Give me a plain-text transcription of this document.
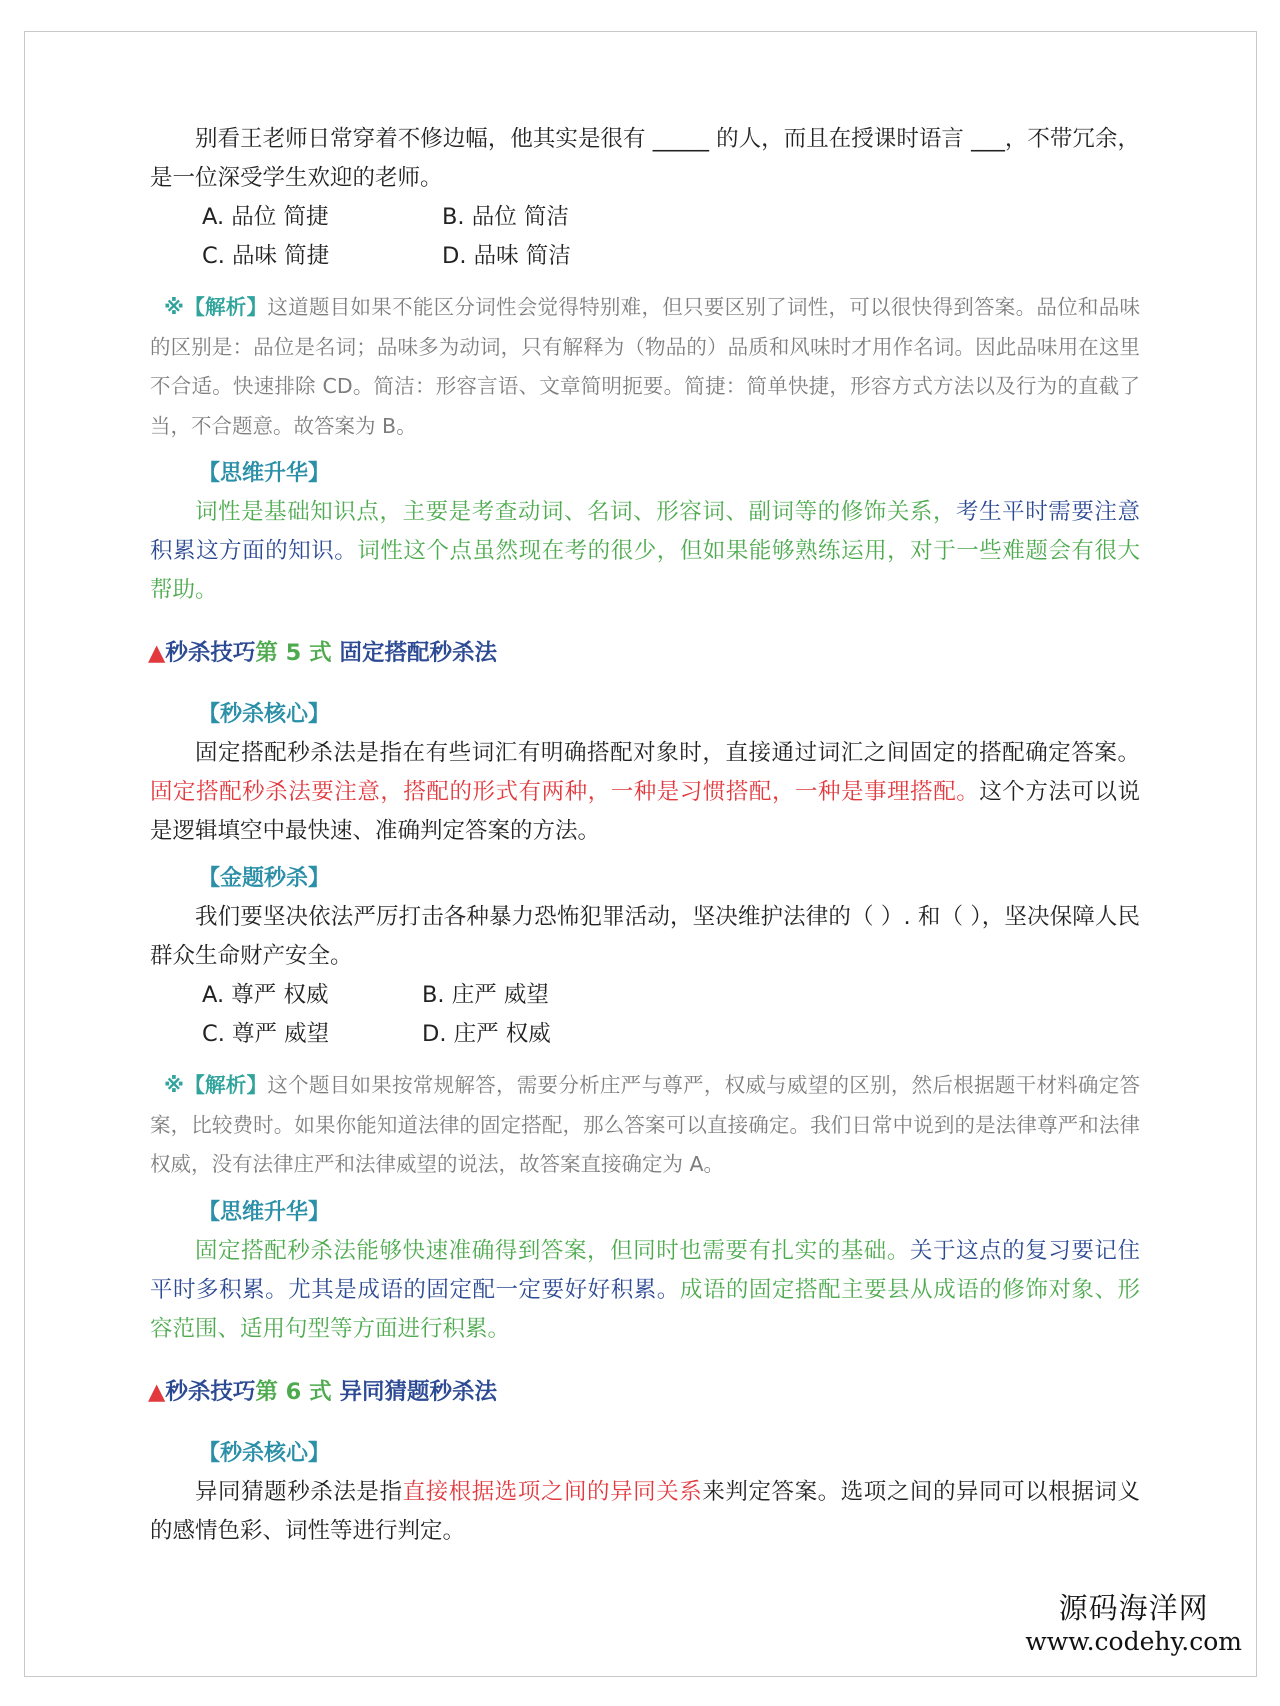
别看王老师日常穿着不修边幅，他其实是很有 _____ 的人，而且在授课时语言 ___，不带冗余，是一位深受学生欢迎的老师。

A. 品位 简捷	B. 品位 简洁
C. 品味 简捷	D. 品味 简洁
※【解析】这道题目如果不能区分词性会觉得特别难，但只要区别了词性，可以很快得到答案。品位和品味的区别是：品位是名词；品味多为动词，只有解释为（物品的）品质和风味时才用作名词。因此品味用在这里不合适。快速排除 CD。简洁：形容言语、文章简明扼要。简捷：简单快捷，形容方式方法以及行为的直截了当，不合题意。故答案为 B。
【思维升华】

词性是基础知识点，主要是考查动词、名词、形容词、副词等的修饰关系，考生平时需要注意积累这方面的知识。词性这个点虽然现在考的很少，但如果能够熟练运用，对于一些难题会有很大帮助。

▲秒杀技巧第 5 式 固定搭配秒杀法
【秒杀核心】

固定搭配秒杀法是指在有些词汇有明确搭配对象时，直接通过词汇之间固定的搭配确定答案。固定搭配秒杀法要注意，搭配的形式有两种，一种是习惯搭配，一种是事理搭配。这个方法可以说是逻辑填空中最快速、准确判定答案的方法。

【金题秒杀】

我们要坚决依法严厉打击各种暴力恐怖犯罪活动，坚决维护法律的（ ）. 和（ ），坚决保障人民群众生命财产安全。

A. 尊严 权威	B. 庄严 威望
C. 尊严 威望	D. 庄严 权威
※【解析】这个题目如果按常规解答，需要分析庄严与尊严，权威与威望的区别，然后根据题干材料确定答案，比较费时。如果你能知道法律的固定搭配，那么答案可以直接确定。我们日常中说到的是法律尊严和法律权威，没有法律庄严和法律威望的说法，故答案直接确定为 A。
【思维升华】

固定搭配秒杀法能够快速准确得到答案，但同时也需要有扎实的基础。关于这点的复习要记住平时多积累。尤其是成语的固定配一定要好好积累。成语的固定搭配主要县从成语的修饰对象、形容范围、适用句型等方面进行积累。

▲秒杀技巧第 6 式 异同猜题秒杀法
【秒杀核心】

异同猜题秒杀法是指直接根据选项之间的异同关系来判定答案。选项之间的异同可以根据词义的感情色彩、词性等进行判定。

源码海洋网
www.codehy.com
